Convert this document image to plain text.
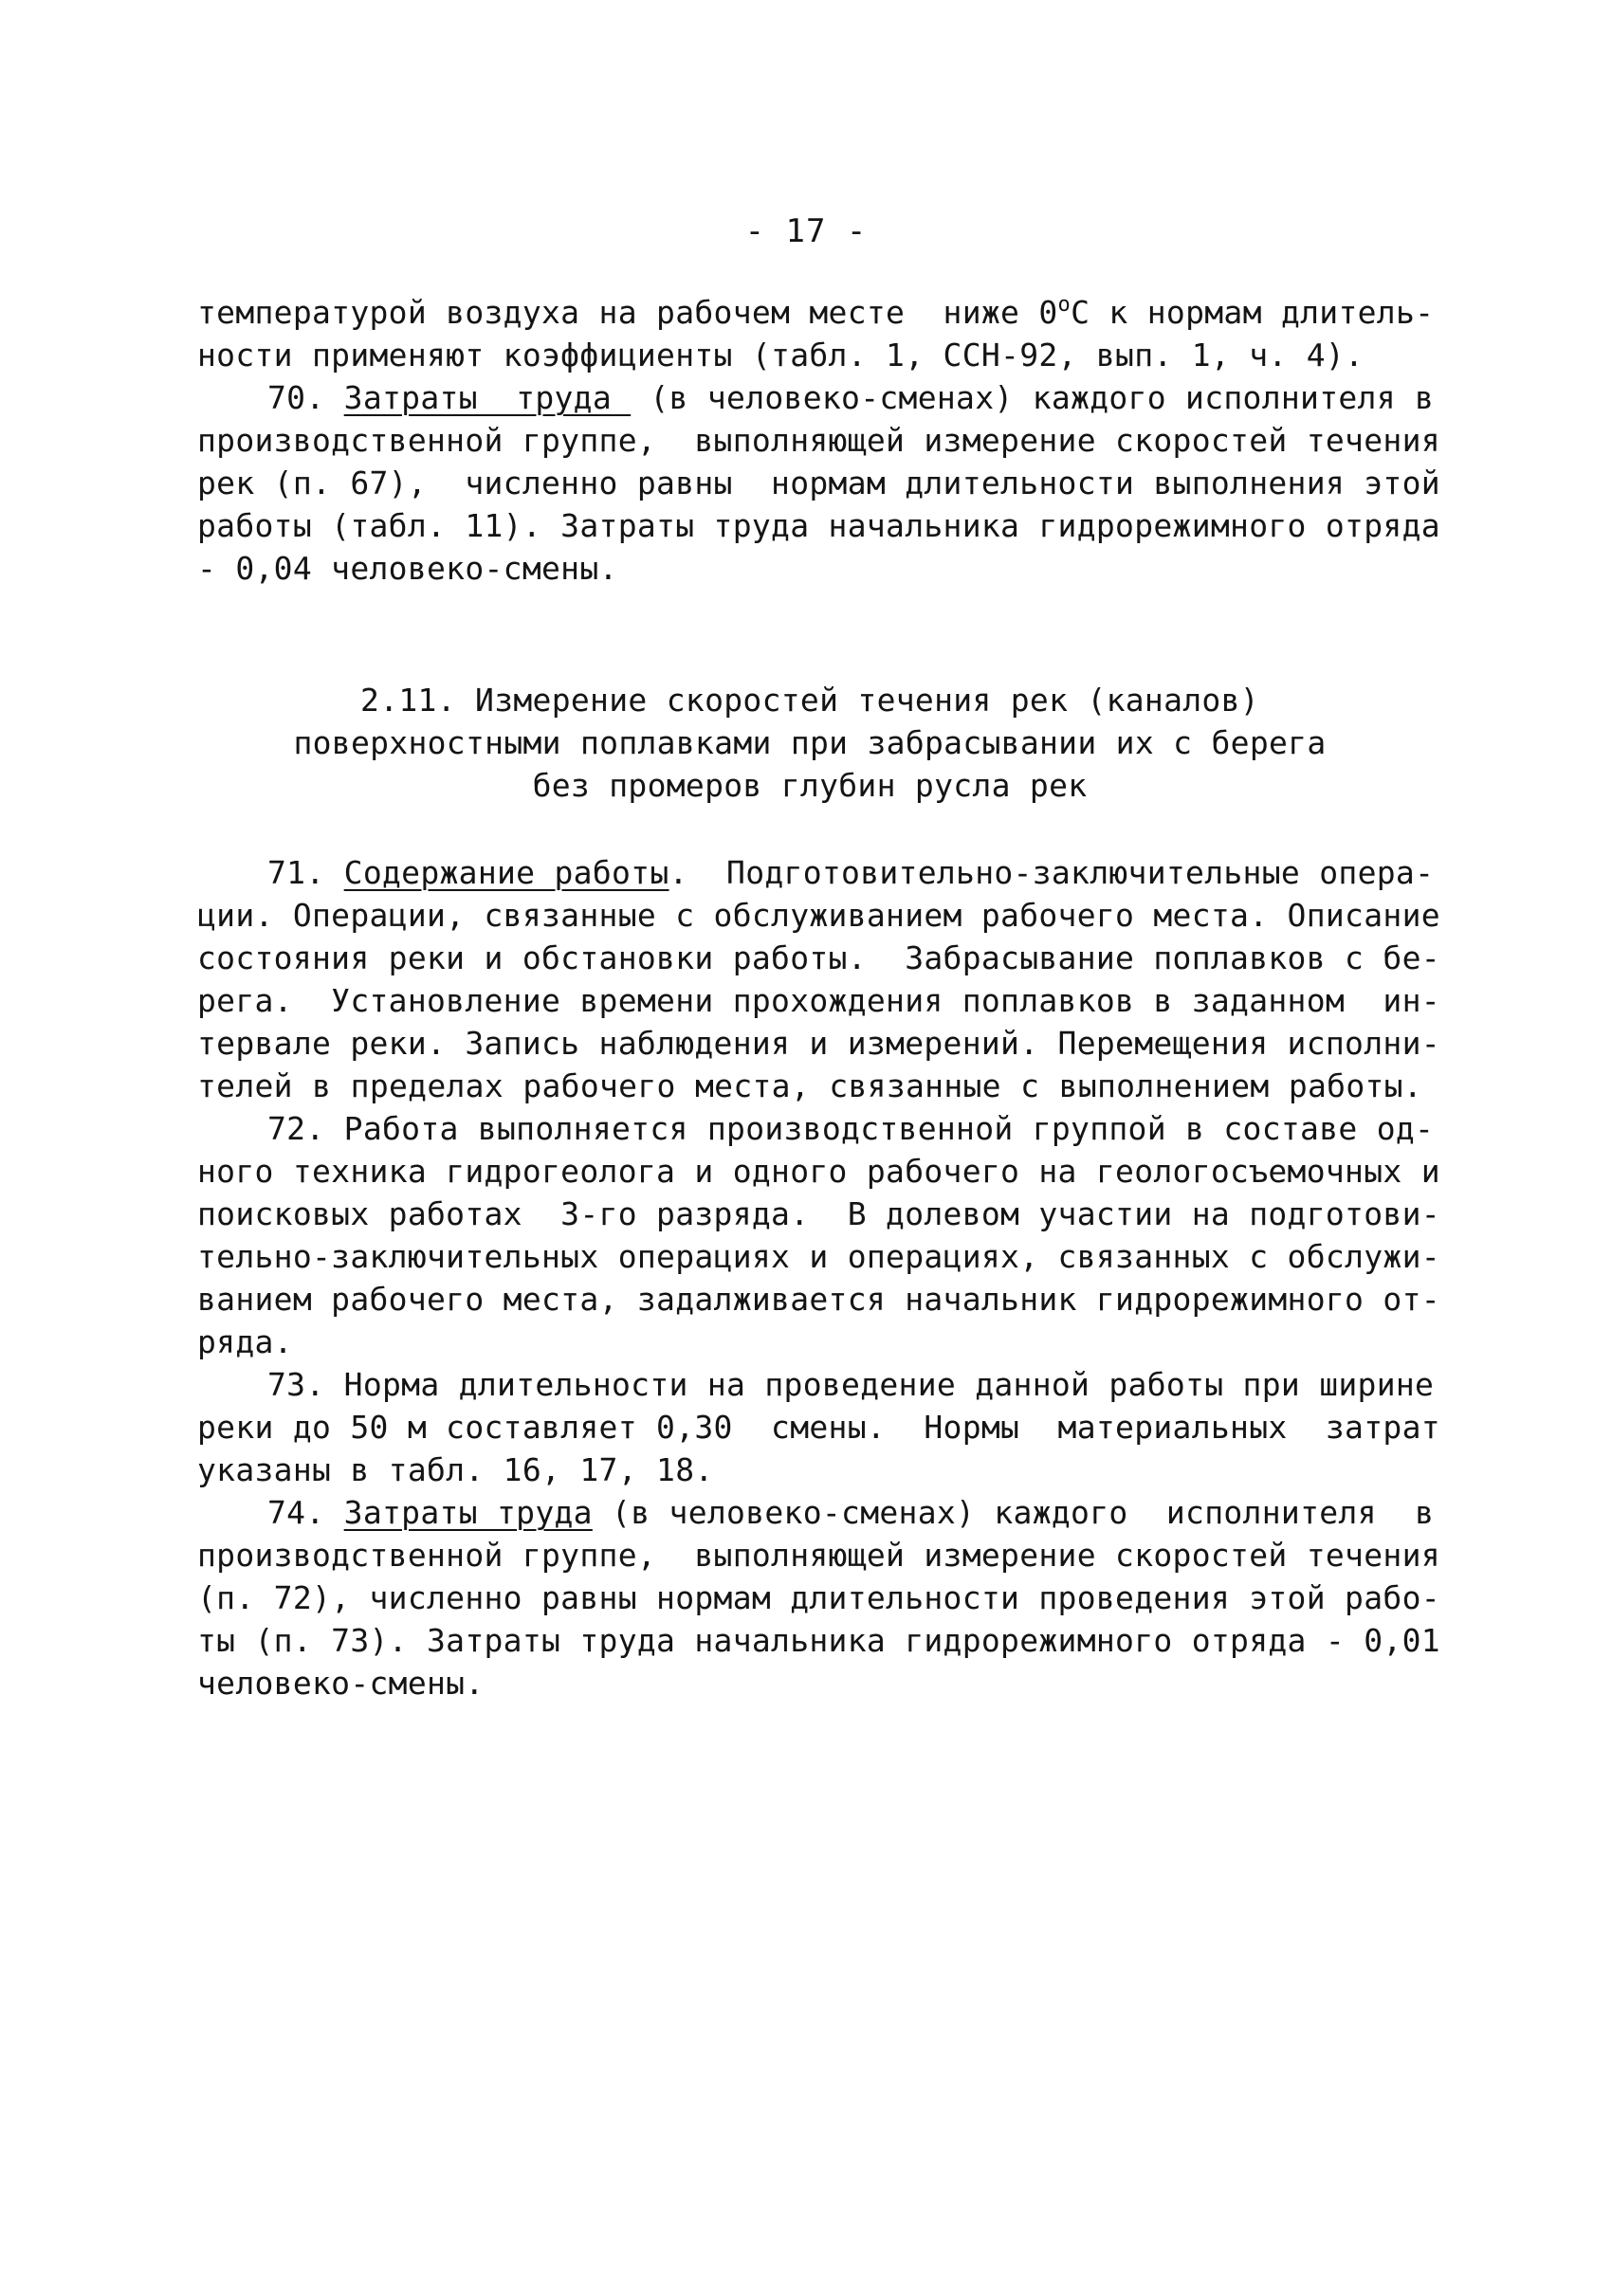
- 17 -
температурой воздуха на рабочем месте  ниже $0^оС$ к нормам длитель-
ности применяют коэффициенты (табл. 1, ССН-92, вып. 1, ч. 4).
70. Затраты  труда  (в человеко-сменах) каждого исполнителя в
производственной группе,  выполняющей измерение скоростей течения
рек (п. 67),  численно равны  нормам длительности выполнения этой
работы (табл. 11). Затраты труда начальника гидрорежимного отряда
- 0,04 человеко-смены.
2.11. Измерение скоростей течения рек (каналов)
поверхностными поплавками при забрасывании их с берега
без промеров глубин русла рек
71. Содержание работы.  Подготовительно-заключительные опера-
ции. Операции, связанные с обслуживанием рабочего места. Описание
состояния реки и обстановки работы.  Забрасывание поплавков с бе-
рега.  Установление времени прохождения поплавков в заданном  ин-
тервале реки. Запись наблюдения и измерений. Перемещения исполни-
телей в пределах рабочего места, связанные с выполнением работы.
72. Работа выполняется производственной группой в составе од-
ного техника гидрогеолога и одного рабочего на геологосъемочных и
поисковых работах  3-го разряда.  В долевом участии на подготови-
тельно-заключительных операциях и операциях, связанных с обслужи-
ванием рабочего места, задалживается начальник гидрорежимного от-
ряда.
73. Норма длительности на проведение данной работы при ширине
реки до 50 м составляет 0,30  смены.  Нормы  материальных  затрат
указаны в табл. 16, 17, 18.
74. Затраты труда (в человеко-сменах) каждого  исполнителя  в
производственной группе,  выполняющей измерение скоростей течения
(п. 72), численно равны нормам длительности проведения этой рабо-
ты (п. 73). Затраты труда начальника гидрорежимного отряда - 0,01
человеко-смены.
